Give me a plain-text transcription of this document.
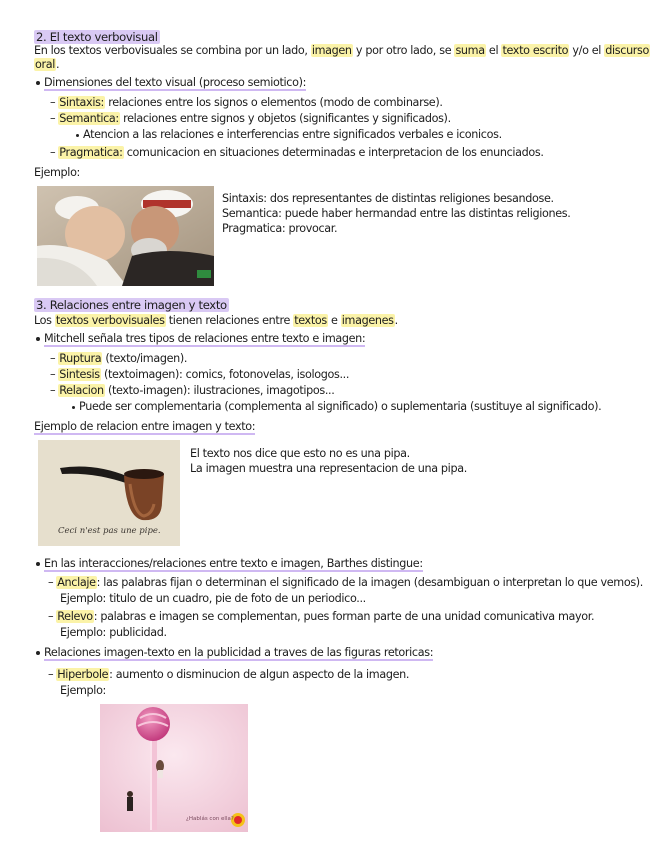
2. El texto verbovisual
En los textos verbovisuales se combina por un lado, imagen y por otro lado, se suma el texto escrito y/o el discurso
oral.
Dimensiones del texto visual (proceso semiotico):
– Sintaxis: relaciones entre los signos o elementos (modo de combinarse).
– Semantica: relaciones entre signos y objetos (significantes y significados).
Atencion a las relaciones e interferencias entre significados verbales e iconicos.
– Pragmatica: comunicacion en situaciones determinadas e interpretacion de los enunciados.
Ejemplo:
Sintaxis: dos representantes de distintas religiones besandose.
Semantica: puede haber hermandad entre las distintas religiones.
Pragmatica: provocar.
3. Relaciones entre imagen y texto
Los textos verbovisuales tienen relaciones entre textos e imagenes.
Mitchell señala tres tipos de relaciones entre texto e imagen:
– Ruptura (texto/imagen).
– Sintesis (textoimagen): comics, fotonovelas, isologos...
– Relacion (texto-imagen): ilustraciones, imagotipos...
Puede ser complementaria (complementa al significado) o suplementaria (sustituye al significado).
Ejemplo de relacion entre imagen y texto:
Ceci n'est pas une pipe.
El texto nos dice que esto no es una pipa.
La imagen muestra una representacion de una pipa.
En las interacciones/relaciones entre texto e imagen, Barthes distingue:
– Anclaje: las palabras fijan o determinan el significado de la imagen (desambiguan o interpretan lo que vemos).
Ejemplo: titulo de un cuadro, pie de foto de un periodico...
– Relevo: palabras e imagen se complementan, pues forman parte de una unidad comunicativa mayor.
Ejemplo: publicidad.
Relaciones imagen-texto en la publicidad a traves de las figuras retoricas:
– Hiperbole: aumento o disminucion de algun aspecto de la imagen.
Ejemplo:
¿Hablás con ella?
